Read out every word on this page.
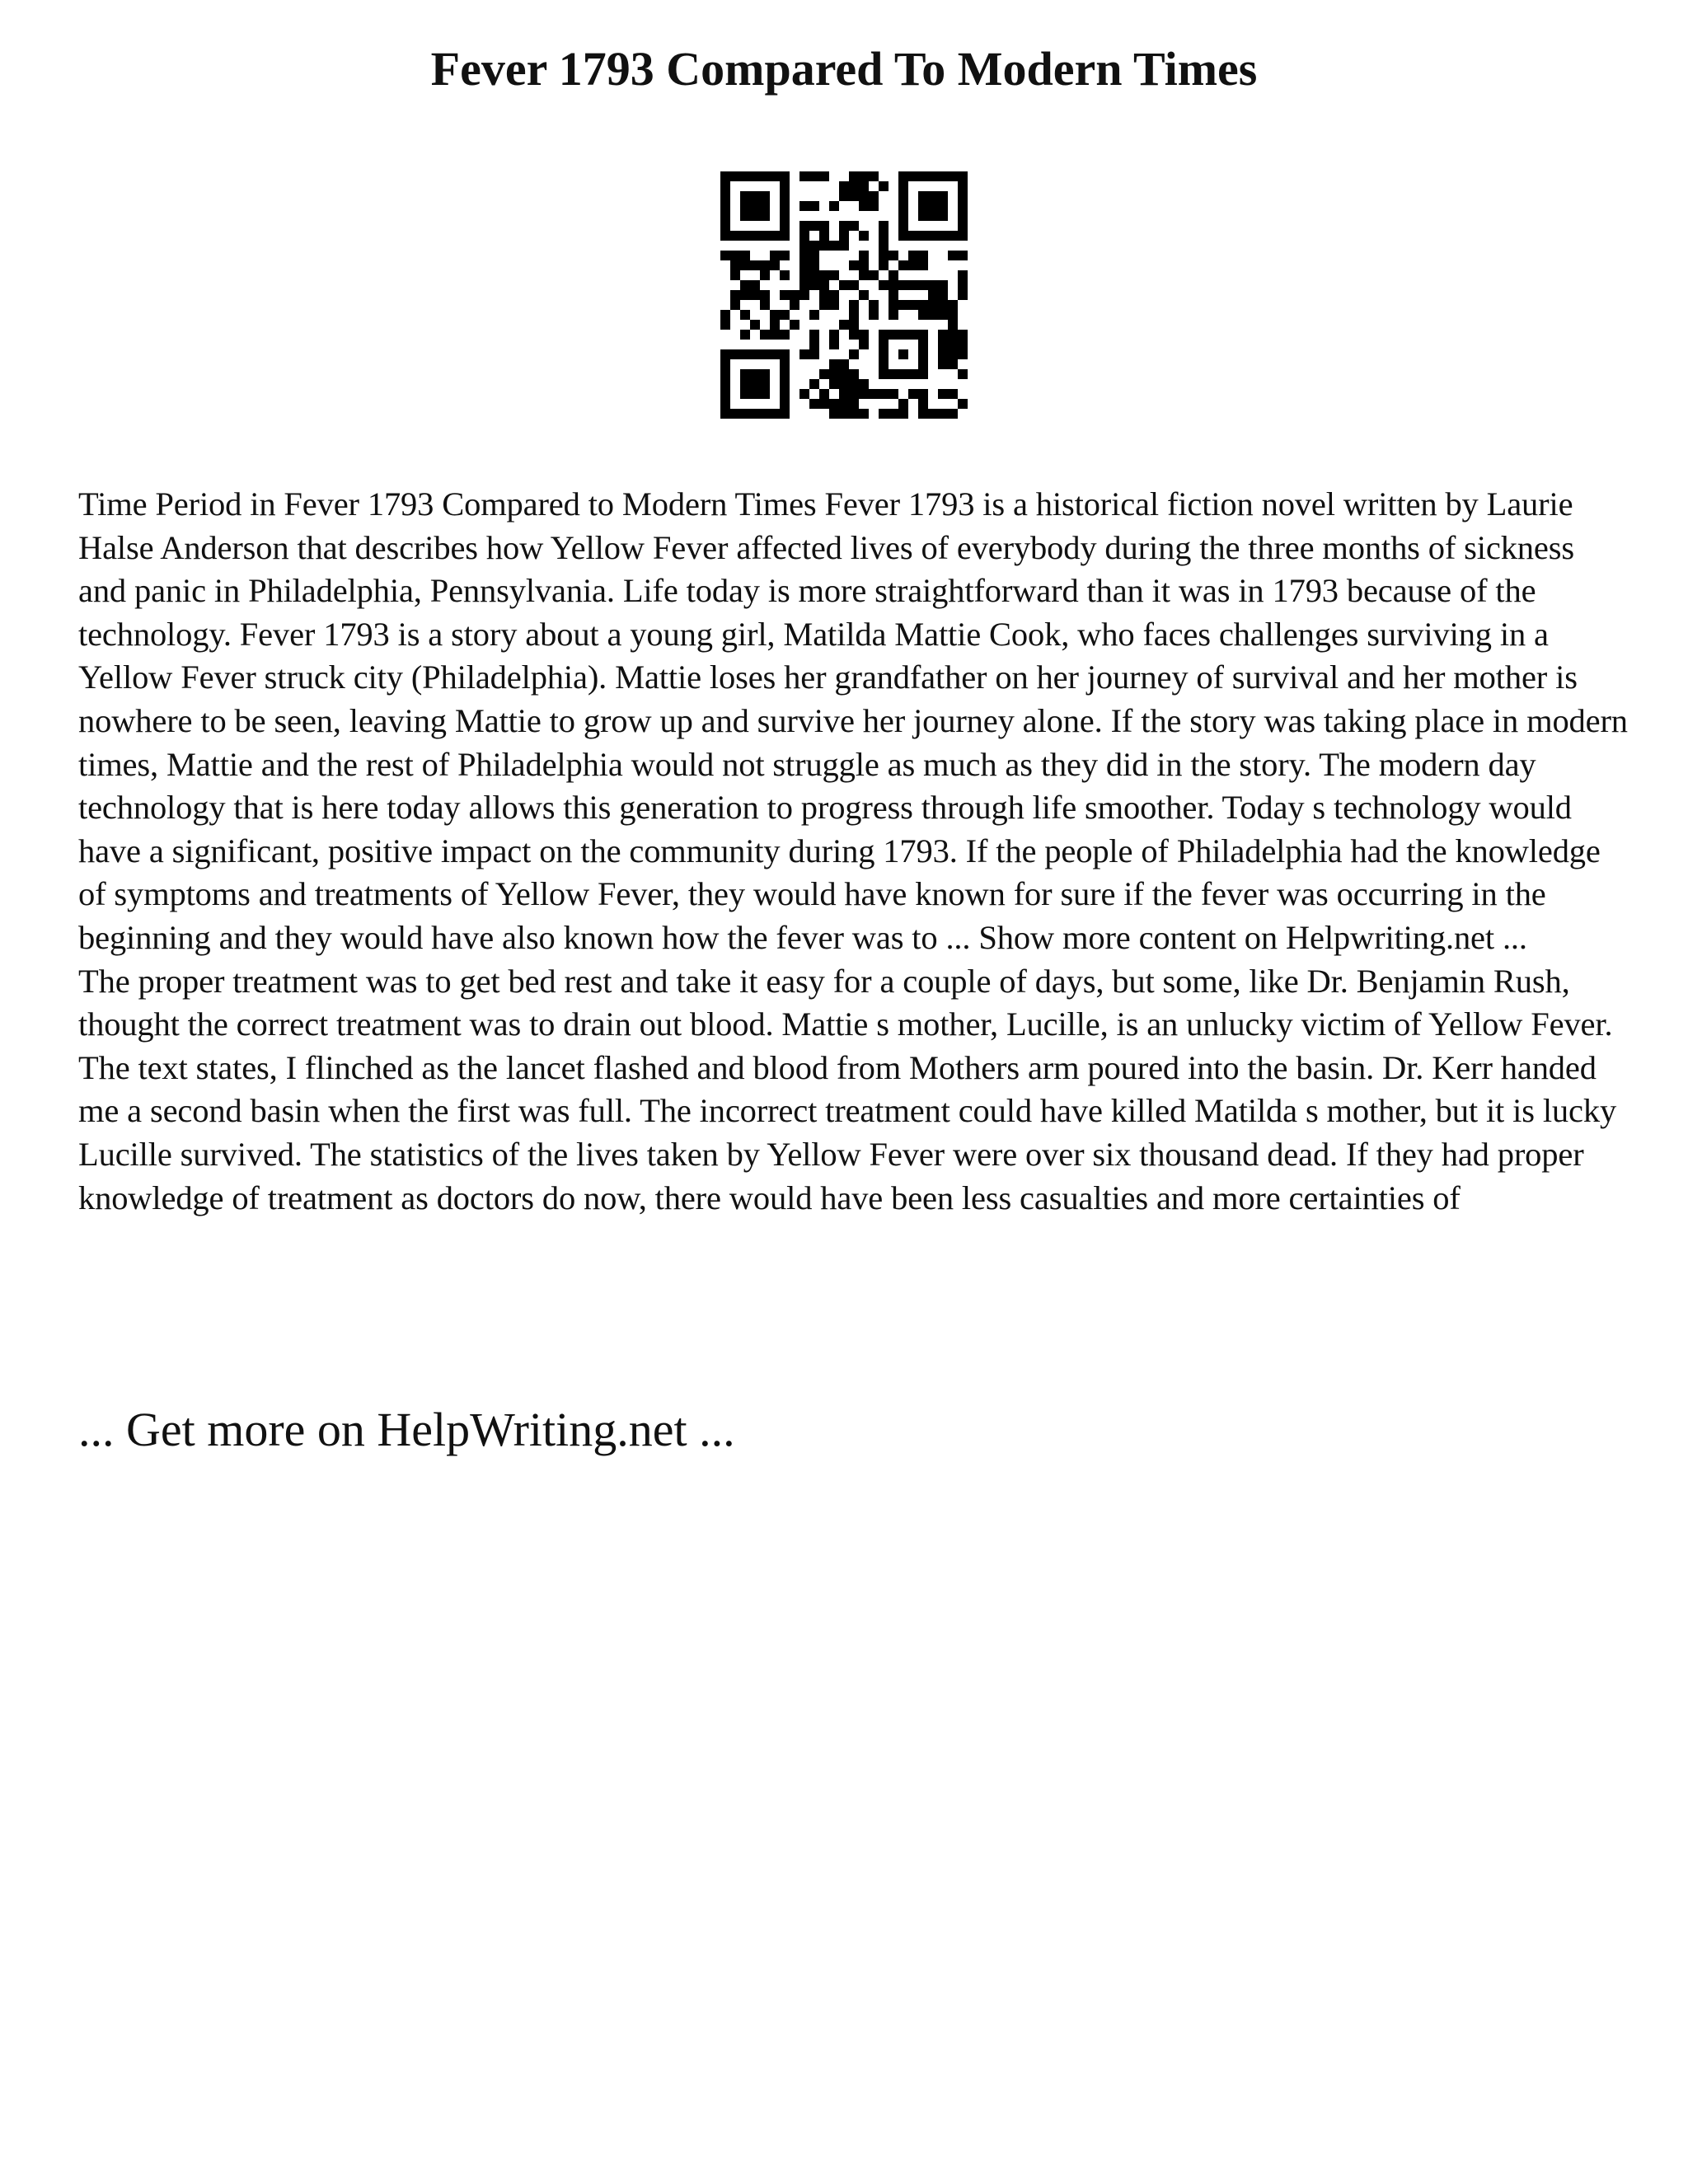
Fever 1793 Compared To Modern Times

Time Period in Fever 1793 Compared to Modern Times Fever 1793 is a historical fiction novel written by Laurie Halse Anderson that describes how Yellow Fever affected lives of everybody during the three months of sickness and panic in Philadelphia, Pennsylvania. Life today is more straightforward than it was in 1793 because of the technology. Fever 1793 is a story about a young girl, Matilda Mattie Cook, who faces challenges surviving in a Yellow Fever struck city (Philadelphia). Mattie loses her grandfather on her journey of survival and her mother is nowhere to be seen, leaving Mattie to grow up and survive her journey alone. If the story was taking place in modern times, Mattie and the rest of Philadelphia would not struggle as much as they did in the story. The modern day technology that is here today allows this generation to progress through life smoother. Today s technology would have a significant, positive impact on the community during 1793. If the people of Philadelphia had the knowledge of symptoms and treatments of Yellow Fever, they would have known for sure if the fever was occurring in the beginning and they would have also known how the fever was to ... Show more content on Helpwriting.net ...

The proper treatment was to get bed rest and take it easy for a couple of days, but some, like Dr. Benjamin Rush, thought the correct treatment was to drain out blood. Mattie s mother, Lucille, is an unlucky victim of Yellow Fever. The text states, I flinched as the lancet flashed and blood from Mothers arm poured into the basin. Dr. Kerr handed me a second basin when the first was full. The incorrect treatment could have killed Matilda s mother, but it is lucky Lucille survived. The statistics of the lives taken by Yellow Fever were over six thousand dead. If they had proper knowledge of treatment as doctors do now, there would have been less casualties and more certainties of

... Get more on HelpWriting.net ...
